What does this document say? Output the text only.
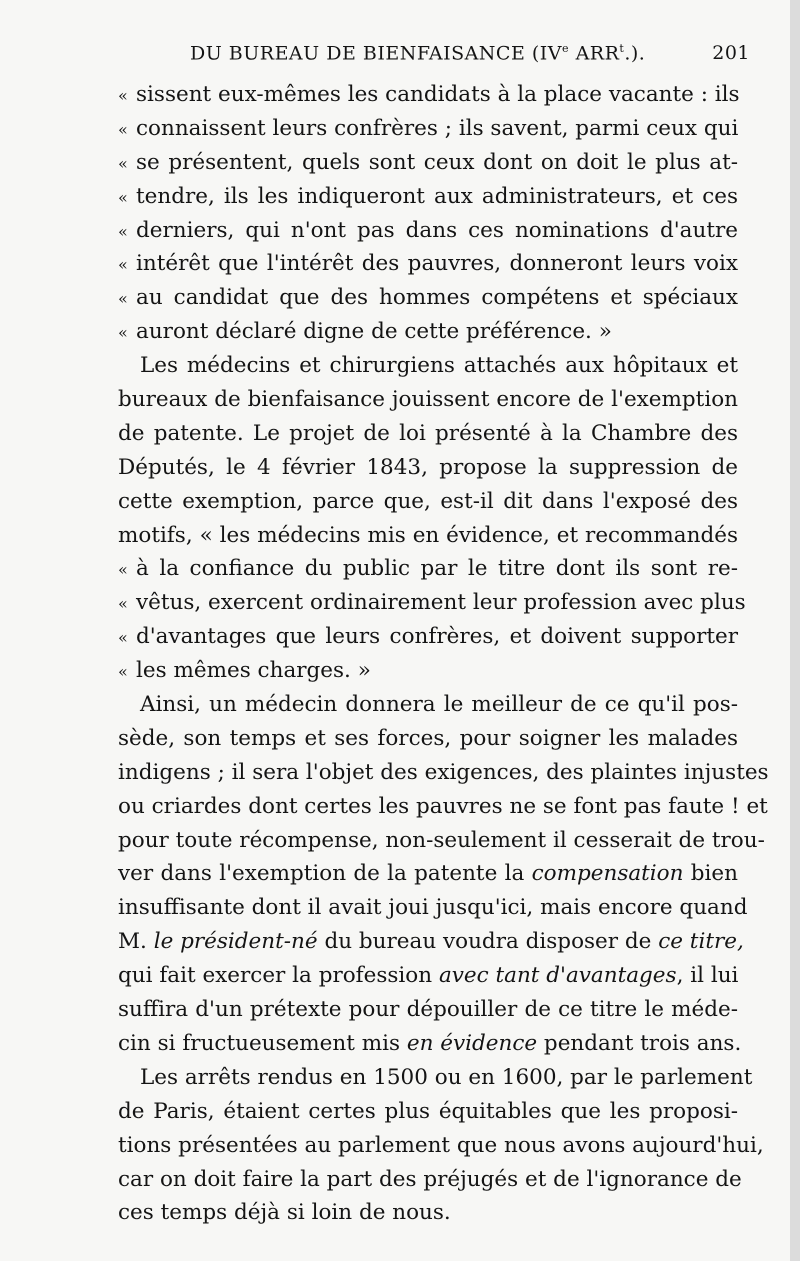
DU BUREAU DE BIENFAISANCE (IVe ARR$^t$.).	201
« sissent eux-mêmes les candidats à la place vacante : ils
« connaissent leurs confrères ; ils savent, parmi ceux qui
« se présentent, quels sont ceux dont on doit le plus at-
« tendre, ils les indiqueront aux administrateurs, et ces
« derniers, qui n'ont pas dans ces nominations d'autre
« intérêt que l'intérêt des pauvres, donneront leurs voix
« au candidat que des hommes compétens et spéciaux
« auront déclaré digne de cette préférence. »
Les médecins et chirurgiens attachés aux hôpitaux et
bureaux de bienfaisance jouissent encore de l'exemption
de patente. Le projet de loi présenté à la Chambre des
Députés, le 4 février 1843, propose la suppression de
cette exemption, parce que, est-il dit dans l'exposé des
motifs, « les médecins mis en évidence, et recommandés
« à la confiance du public par le titre dont ils sont re-
« vêtus, exercent ordinairement leur profession avec plus
« d'avantages que leurs confrères, et doivent supporter
« les mêmes charges. »
Ainsi, un médecin donnera le meilleur de ce qu'il pos-
sède, son temps et ses forces, pour soigner les malades
indigens ; il sera l'objet des exigences, des plaintes injustes
ou criardes dont certes les pauvres ne se font pas faute ! et
pour toute récompense, non-seulement il cesserait de trou-
ver dans l'exemption de la patente la compensation bien
insuffisante dont il avait joui jusqu'ici, mais encore quand
M. le président-né du bureau voudra disposer de ce titre,
qui fait exercer la profession avec tant d'avantages, il lui
suffira d'un prétexte pour dépouiller de ce titre le méde-
cin si fructueusement mis en évidence pendant trois ans.
Les arrêts rendus en 1500 ou en 1600, par le parlement
de Paris, étaient certes plus équitables que les proposi-
tions présentées au parlement que nous avons aujourd'hui,
car on doit faire la part des préjugés et de l'ignorance de
ces temps déjà si loin de nous.
